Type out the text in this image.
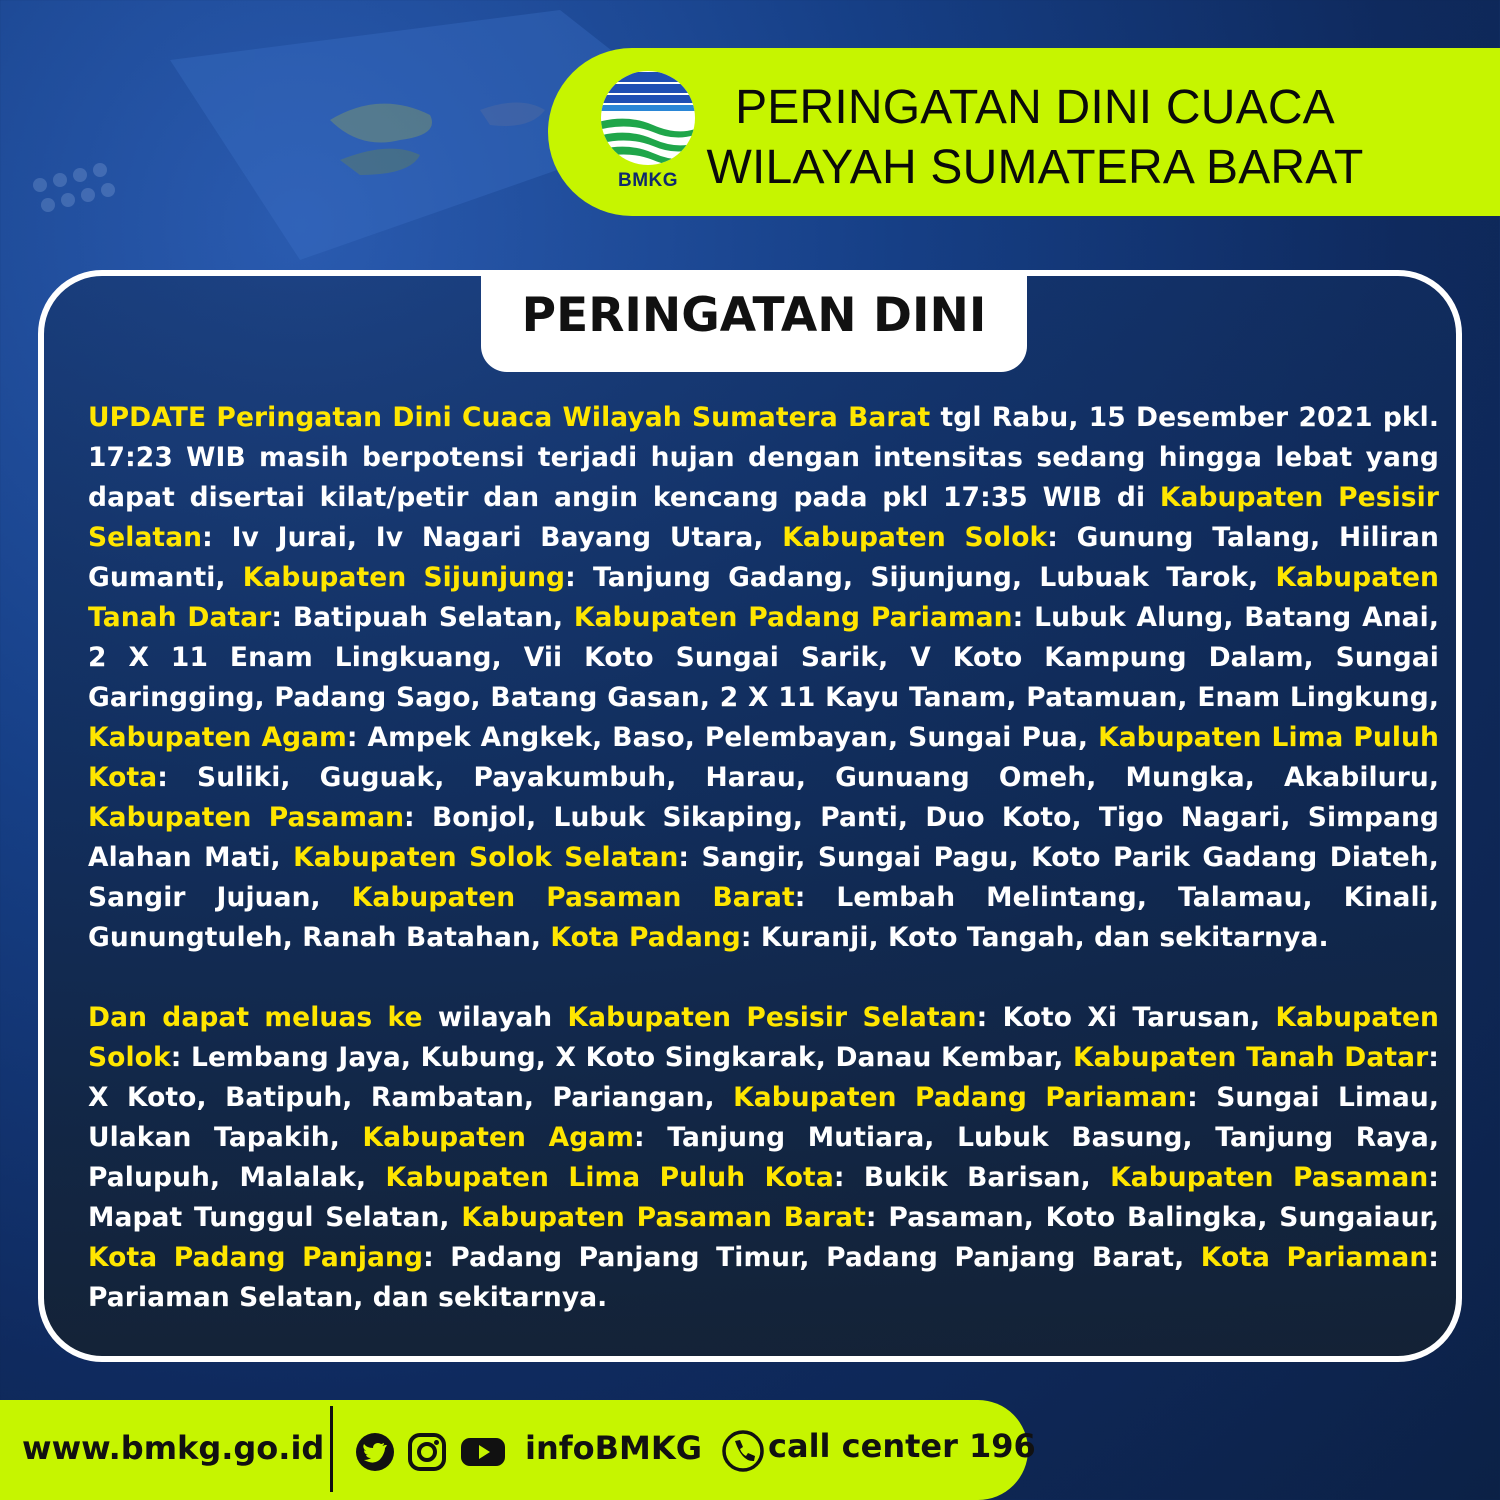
BMKG
PERINGATAN DINI CUACA
WILAYAH SUMATERA BARAT
PERINGATAN DINI
UPDATE Peringatan Dini Cuaca Wilayah Sumatera Barat tgl Rabu, 15 Desember 2021 pkl. 17:23 WIB masih berpotensi terjadi hujan dengan intensitas sedang hingga lebat yang dapat disertai kilat/petir dan angin kencang pada pkl 17:35 WIB di Kabupaten Pesisir Selatan: Iv Jurai, Iv Nagari Bayang Utara, Kabupaten Solok: Gunung Talang, Hiliran Gumanti, Kabupaten Sijunjung: Tanjung Gadang, Sijunjung, Lubuak Tarok, Kabupaten Tanah Datar: Batipuah Selatan, Kabupaten Padang Pariaman: Lubuk Alung, Batang Anai, 2 X 11 Enam Lingkuang, Vii Koto Sungai Sarik, V Koto Kampung Dalam, Sungai Garingging, Padang Sago, Batang Gasan, 2 X 11 Kayu Tanam, Patamuan, Enam Lingkung, Kabupaten Agam: Ampek Angkek, Baso, Pelembayan, Sungai Pua, Kabupaten Lima Puluh Kota: Suliki, Guguak, Payakumbuh, Harau, Gunuang Omeh, Mungka, Akabiluru, Kabupaten Pasaman: Bonjol, Lubuk Sikaping, Panti, Duo Koto, Tigo Nagari, Simpang Alahan Mati, Kabupaten Solok Selatan: Sangir, Sungai Pagu, Koto Parik Gadang Diateh, Sangir Jujuan, Kabupaten Pasaman Barat: Lembah Melintang, Talamau, Kinali, Gunungtuleh, Ranah Batahan, Kota Padang: Kuranji, Koto Tangah, dan sekitarnya.
Dan dapat meluas ke wilayah Kabupaten Pesisir Selatan: Koto Xi Tarusan, Kabupaten Solok: Lembang Jaya, Kubung, X Koto Singkarak, Danau Kembar, Kabupaten Tanah Datar: X Koto, Batipuh, Rambatan, Pariangan, Kabupaten Padang Pariaman: Sungai Limau, Ulakan Tapakih, Kabupaten Agam: Tanjung Mutiara, Lubuk Basung, Tanjung Raya, Palupuh, Malalak, Kabupaten Lima Puluh Kota: Bukik Barisan, Kabupaten Pasaman: Mapat Tunggul Selatan, Kabupaten Pasaman Barat: Pasaman, Koto Balingka, Sungaiaur, Kota Padang Panjang: Padang Panjang Timur, Padang Panjang Barat, Kota Pariaman: Pariaman Selatan, dan sekitarnya.
www.bmkg.go.id	infoBMKG call center 196
